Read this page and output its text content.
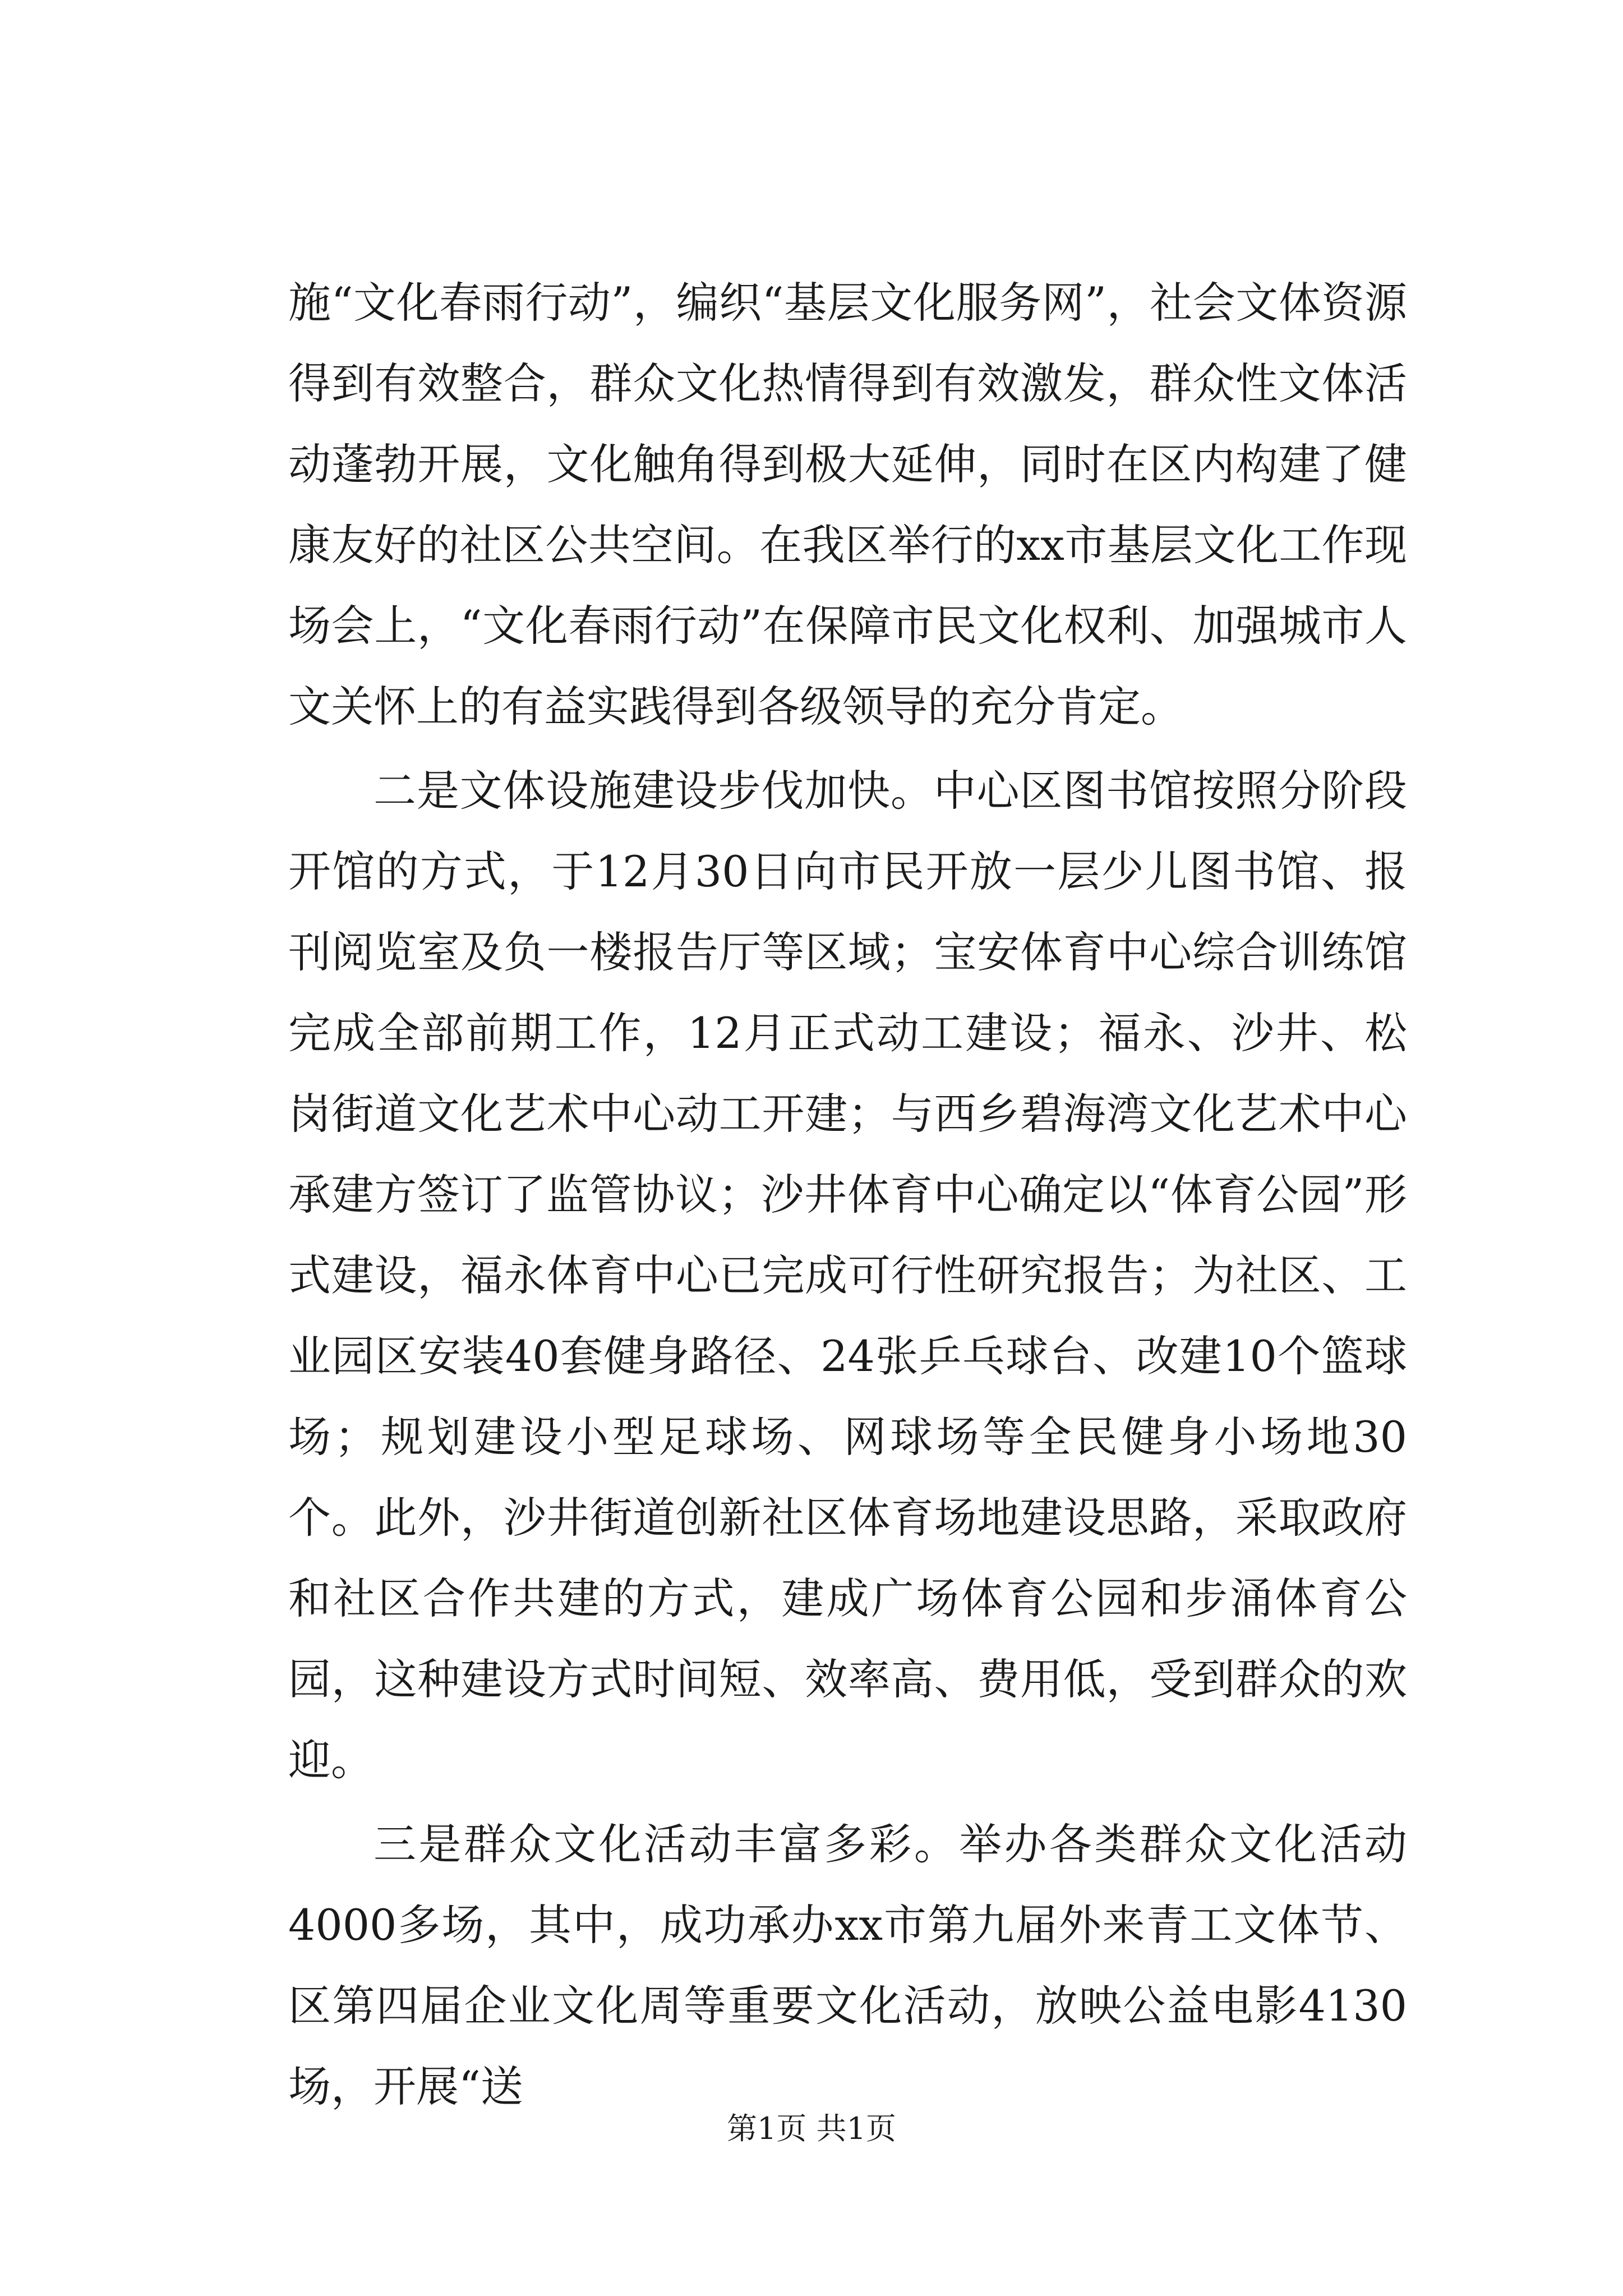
施“文化春雨行动”，编织“基层文化服务网”，社会文体资源得到有效整合，群众文化热情得到有效激发，群众性文体活动蓬勃开展，文化触角得到极大延伸，同时在区内构建了健康友好的社区公共空间。在我区举行的xx市基层文化工作现场会上，“文化春雨行动”在保障市民文化权利、加强城市人文关怀上的有益实践得到各级领导的充分肯定。

二是文体设施建设步伐加快。中心区图书馆按照分阶段开馆的方式，于12月30日向市民开放一层少儿图书馆、报刊阅览室及负一楼报告厅等区域；宝安体育中心综合训练馆完成全部前期工作，12月正式动工建设；福永、沙井、松岗街道文化艺术中心动工开建；与西乡碧海湾文化艺术中心承建方签订了监管协议；沙井体育中心确定以“体育公园”形式建设，福永体育中心已完成可行性研究报告；为社区、工业园区安装40套健身路径、24张乒乓球台、改建10个篮球场；规划建设小型足球场、网球场等全民健身小场地30个。此外，沙井街道创新社区体育场地建设思路，采取政府和社区合作共建的方式，建成广场体育公园和步涌体育公园，这种建设方式时间短、效率高、费用低，受到群众的欢迎。

三是群众文化活动丰富多彩。举办各类群众文化活动4000多场，其中，成功承办xx市第九届外来青工文体节、区第四届企业文化周等重要文化活动，放映公益电影4130场，开展“送

第1页 共1页
